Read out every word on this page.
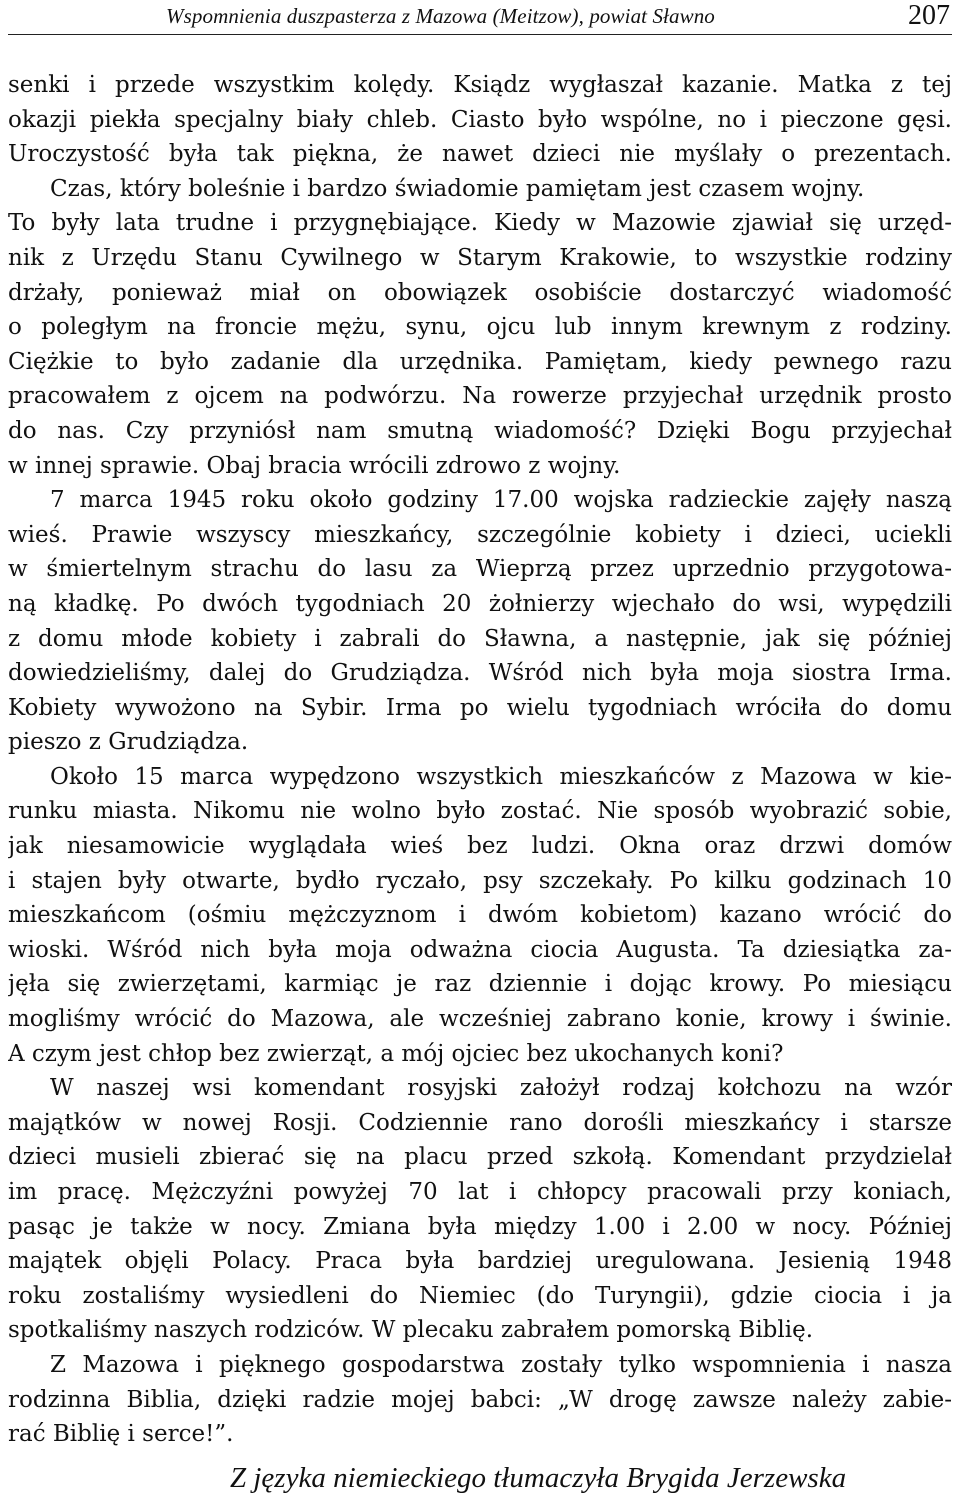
Wspomnienia duszpasterza z Mazowa (Meitzow), powiat Sławno	207
senki i przede wszystkim kolędy. Ksiądz wygłaszał kazanie. Matka z tej
okazji piekła specjalny biały chleb. Ciasto było wspólne, no i pieczone gęsi.
Uroczystość była tak piękna, że nawet dzieci nie myślały o prezentach.
Czas, który boleśnie i bardzo świadomie pamiętam jest czasem wojny.
To były lata trudne i przygnębiające. Kiedy w Mazowie zjawiał się urzęd-
nik z Urzędu Stanu Cywilnego w Starym Krakowie, to wszystkie rodziny
drżały, ponieważ miał on obowiązek osobiście dostarczyć wiadomość
o poległym na froncie mężu, synu, ojcu lub innym krewnym z rodziny.
Ciężkie to było zadanie dla urzędnika. Pamiętam, kiedy pewnego razu
pracowałem z ojcem na podwórzu. Na rowerze przyjechał urzędnik prosto
do nas. Czy przyniósł nam smutną wiadomość? Dzięki Bogu przyjechał
w innej sprawie. Obaj bracia wrócili zdrowo z wojny.
7 marca 1945 roku około godziny 17.00 wojska radzieckie zajęły naszą
wieś. Prawie wszyscy mieszkańcy, szczególnie kobiety i dzieci, uciekli
w śmiertelnym strachu do lasu za Wieprzą przez uprzednio przygotowa-
ną kładkę. Po dwóch tygodniach 20 żołnierzy wjechało do wsi, wypędzili
z domu młode kobiety i zabrali do Sławna, a następnie, jak się później
dowiedzieliśmy, dalej do Grudziądza. Wśród nich była moja siostra Irma.
Kobiety wywożono na Sybir. Irma po wielu tygodniach wróciła do domu
pieszo z Grudziądza.
Około 15 marca wypędzono wszystkich mieszkańców z Mazowa w kie-
runku miasta. Nikomu nie wolno było zostać. Nie sposób wyobrazić sobie,
jak niesamowicie wyglądała wieś bez ludzi. Okna oraz drzwi domów
i stajen były otwarte, bydło ryczało, psy szczekały. Po kilku godzinach 10
mieszkańcom (ośmiu mężczyznom i dwóm kobietom) kazano wrócić do
wioski. Wśród nich była moja odważna ciocia Augusta. Ta dziesiątka za-
jęła się zwierzętami, karmiąc je raz dziennie i dojąc krowy. Po miesiącu
mogliśmy wrócić do Mazowa, ale wcześniej zabrano konie, krowy i świnie.
A czym jest chłop bez zwierząt, a mój ojciec bez ukochanych koni?
W naszej wsi komendant rosyjski założył rodzaj kołchozu na wzór
majątków w nowej Rosji. Codziennie rano dorośli mieszkańcy i starsze
dzieci musieli zbierać się na placu przed szkołą. Komendant przydzielał
im pracę. Mężczyźni powyżej 70 lat i chłopcy pracowali przy koniach,
pasąc je także w nocy. Zmiana była między 1.00 i 2.00 w nocy. Później
majątek objęli Polacy. Praca była bardziej uregulowana. Jesienią 1948
roku zostaliśmy wysiedleni do Niemiec (do Turyngii), gdzie ciocia i ja
spotkaliśmy naszych rodziców. W plecaku zabrałem pomorską Biblię.
Z Mazowa i pięknego gospodarstwa zostały tylko wspomnienia i nasza
rodzinna Biblia, dzięki radzie mojej babci: „W drogę zawsze należy zabie-
rać Biblię i serce!”.
Z języka niemieckiego tłumaczyła Brygida Jerzewska
